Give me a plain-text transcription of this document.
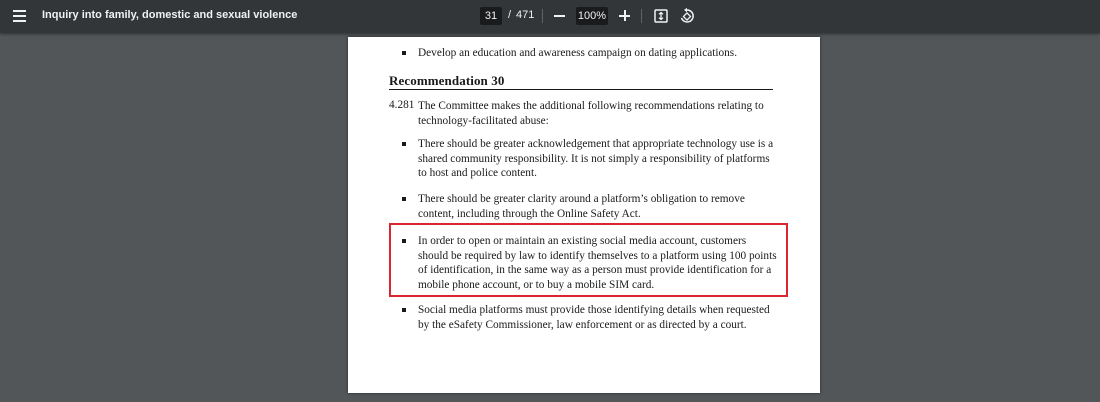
Inquiry into family, domestic and sexual violence
31	/ 471	100%
Develop an education and awareness campaign on dating applications.
Recommendation 30
4.281 The Committee makes the additional following recommendations relating to technology-facilitated abuse:
There should be greater acknowledgement that appropriate technology use is a shared community responsibility. It is not simply a responsibility of platforms to host and police content.
There should be greater clarity around a platform’s obligation to remove content, including through the Online Safety Act.
In order to open or maintain an existing social media account, customers should be required by law to identify themselves to a platform using 100 points of identification, in the same way as a person must provide identification for a mobile phone account, or to buy a mobile SIM card.
Social media platforms must provide those identifying details when requested by the eSafety Commissioner, law enforcement or as directed by a court.
